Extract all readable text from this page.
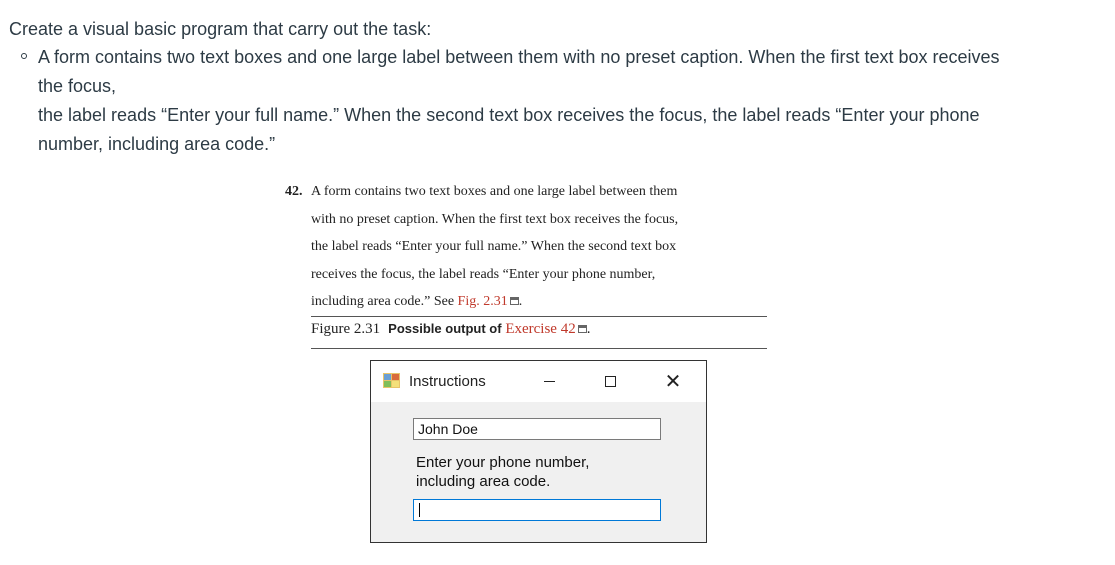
Create a visual basic program that carry out the task:
A form contains two text boxes and one large label between them with no preset caption. When the first text box receives
the focus,
the label reads “Enter your full name.” When the second text box receives the focus, the label reads “Enter your phone
number, including area code.”
42. A form contains two text boxes and one large label between them
with no preset caption. When the first text box receives the focus,
the label reads “Enter your full name.” When the second text box
receives the focus, the label reads “Enter your phone number,
including area code.” See Fig. 2.31 .
Figure 2.31 Possible output of Exercise 42 .
Instructions	✕
John Doe
Enter your phone number,
including area code.
